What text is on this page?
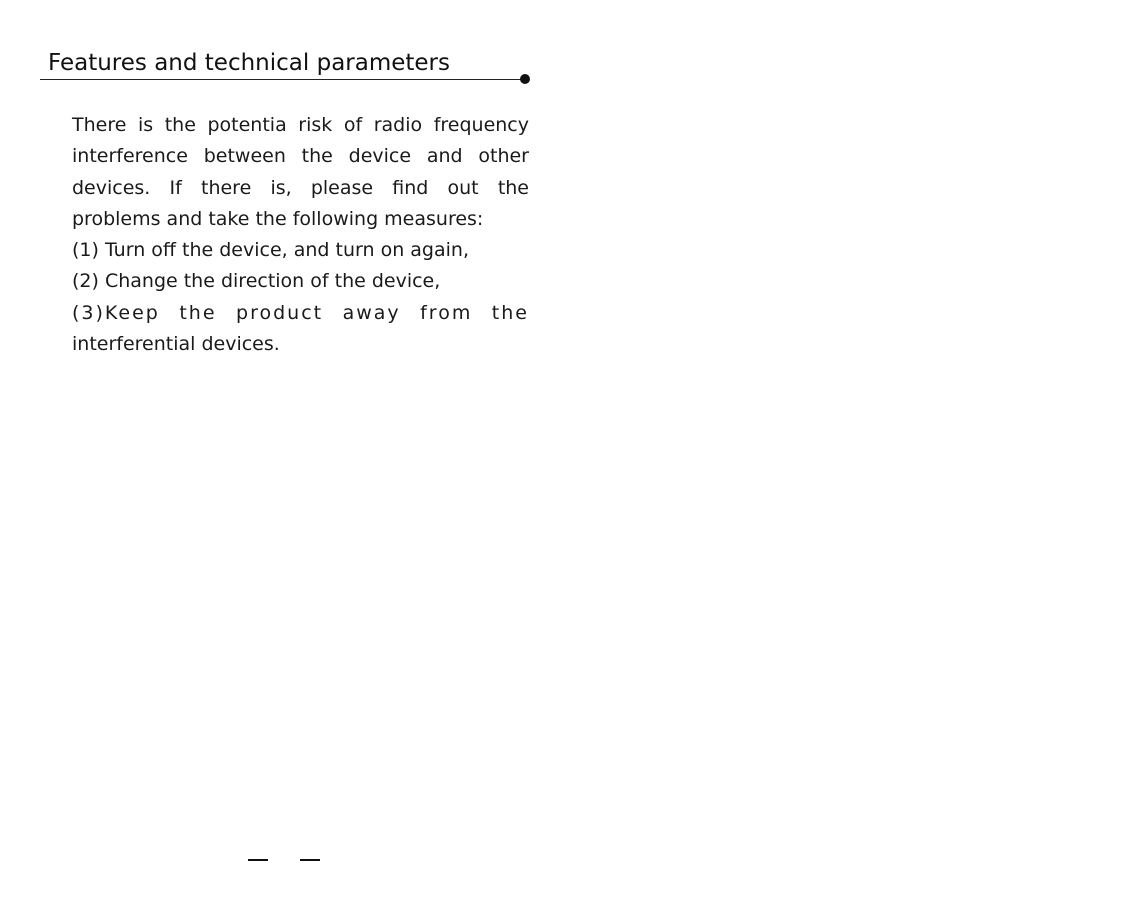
Features and technical parameters
There is the potentia risk of radio frequency
interference between the device and other
devices. If there is, please find out the
problems and take the following measures:
(1) Turn off the device, and turn on again,
(2) Change the direction of the device,
(3)Keep the product away from the
interferential devices.
